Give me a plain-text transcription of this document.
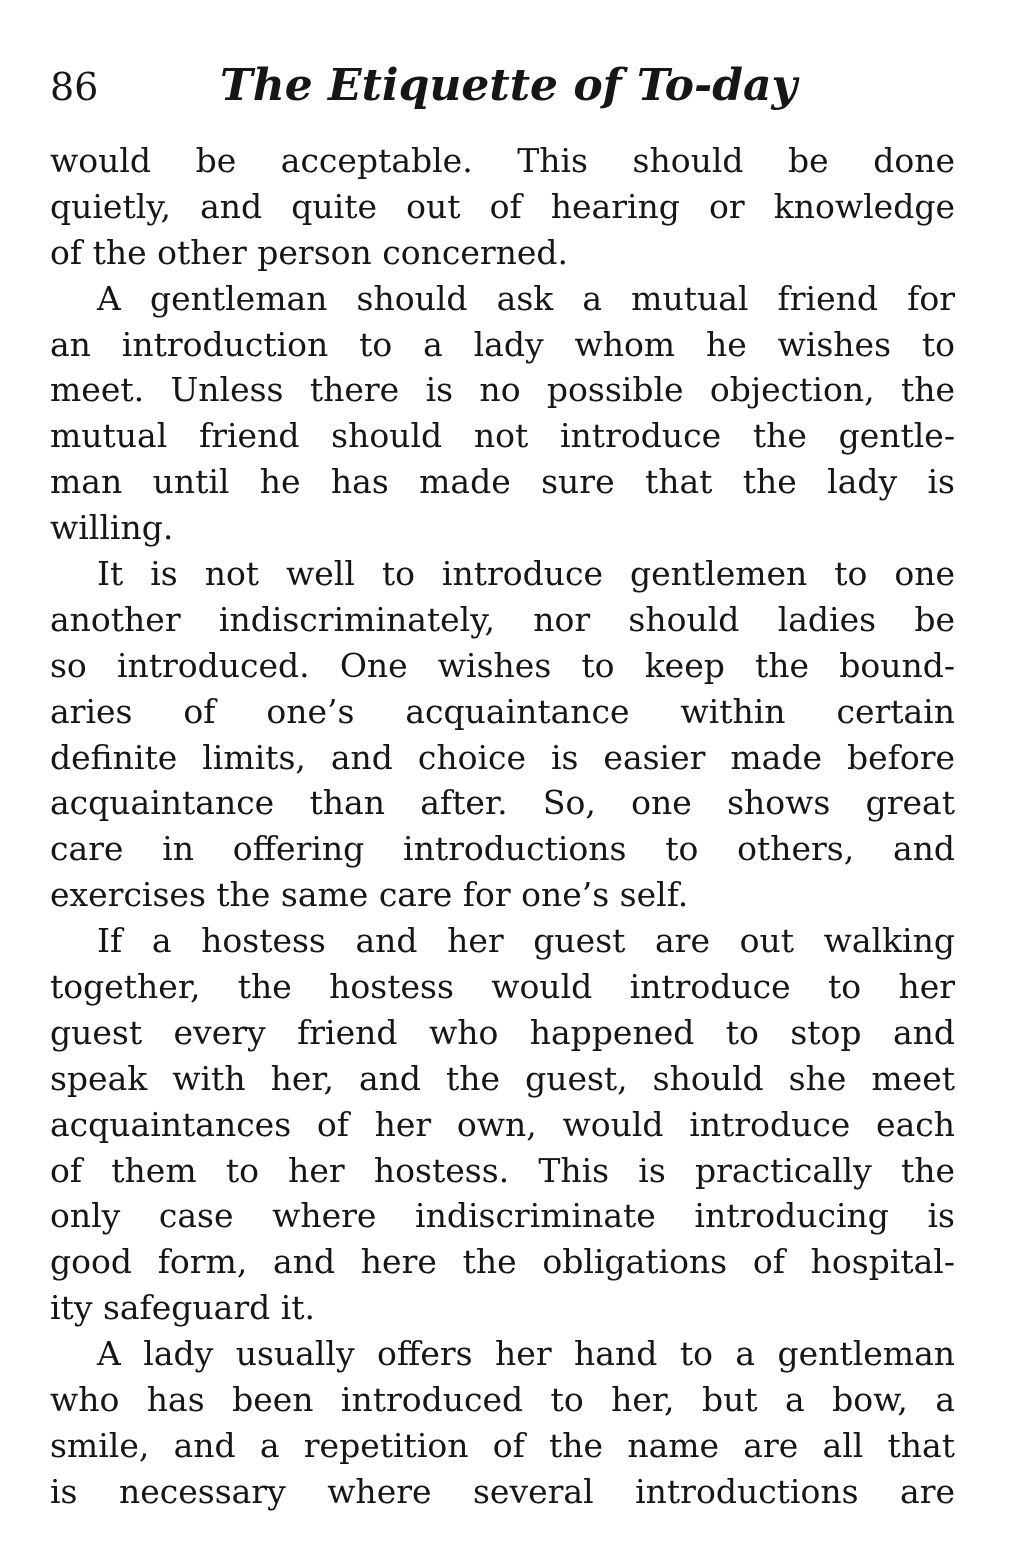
86	The Etiquette of To-day
would be acceptable. This should be done
quietly, and quite out of hearing or knowledge
of the other person concerned.
A gentleman should ask a mutual friend for
an introduction to a lady whom he wishes to
meet. Unless there is no possible objection, the
mutual friend should not introduce the gentle-
man until he has made sure that the lady is
willing.
It is not well to introduce gentlemen to one
another indiscriminately, nor should ladies be
so introduced. One wishes to keep the bound-
aries of one’s acquaintance within certain
definite limits, and choice is easier made before
acquaintance than after. So, one shows great
care in offering introductions to others, and
exercises the same care for one’s self.
If a hostess and her guest are out walking
together, the hostess would introduce to her
guest every friend who happened to stop and
speak with her, and the guest, should she meet
acquaintances of her own, would introduce each
of them to her hostess. This is practically the
only case where indiscriminate introducing is
good form, and here the obligations of hospital-
ity safeguard it.
A lady usually offers her hand to a gentleman
who has been introduced to her, but a bow, a
smile, and a repetition of the name are all that
is necessary where several introductions are
